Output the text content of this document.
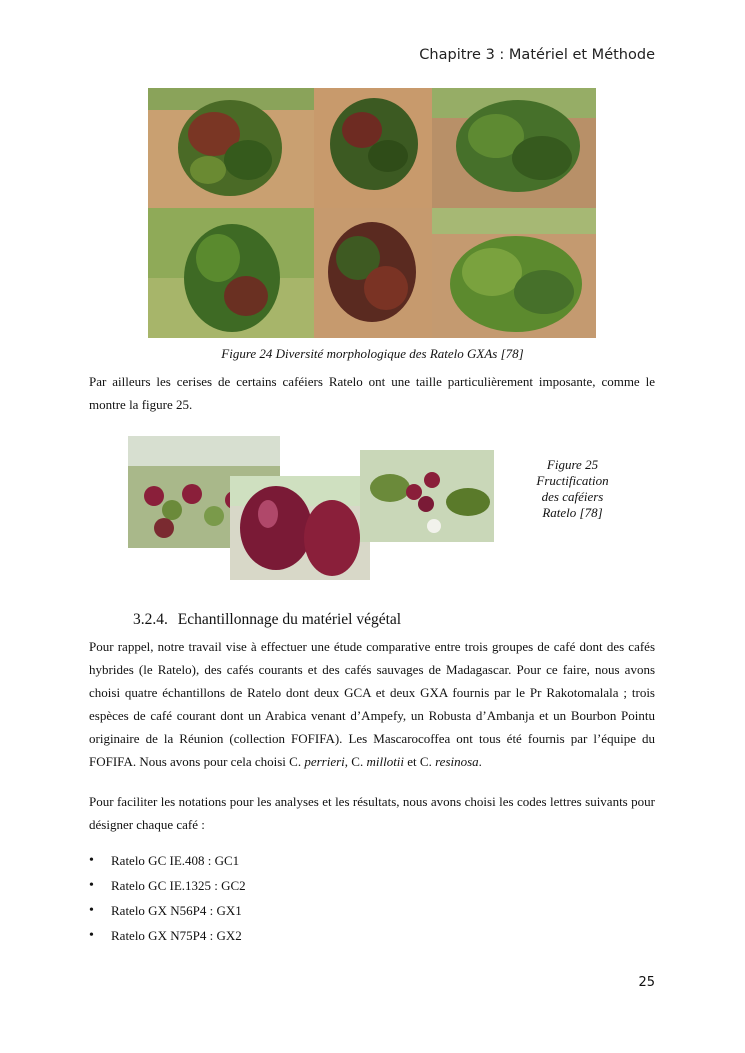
Chapitre 3 : Matériel et Méthode
Figure 24 Diversité morphologique des Ratelo GXAs [78]

Par ailleurs les cerises de certains caféiers Ratelo ont une taille particulièrement imposante, comme le montre la figure 25.

Figure 25
Fructification
des caféiers
Ratelo [78]
3.2.4. Echantillonnage du matériel végétal

Pour rappel, notre travail vise à effectuer une étude comparative entre trois groupes de café dont des cafés hybrides (le Ratelo), des cafés courants et des cafés sauvages de Madagascar. Pour ce faire, nous avons choisi quatre échantillons de Ratelo dont deux GCA et deux GXA fournis par le Pr Rakotomalala ; trois espèces de café courant dont un Arabica venant d’Ampefy, un Robusta d’Ambanja et un Bourbon Pointu originaire de la Réunion (collection FOFIFA). Les Mascarocoffea ont tous été fournis par l’équipe du FOFIFA. Nous avons pour cela choisi C. perrieri, C. millotii et C. resinosa.

Pour faciliter les notations pour les analyses et les résultats, nous avons choisi les codes lettres suivants pour désigner chaque café :

• Ratelo GC IE.408 : GC1
• Ratelo GC IE.1325 : GC2
• Ratelo GX N56P4 : GX1
• Ratelo GX N75P4 : GX2
25
